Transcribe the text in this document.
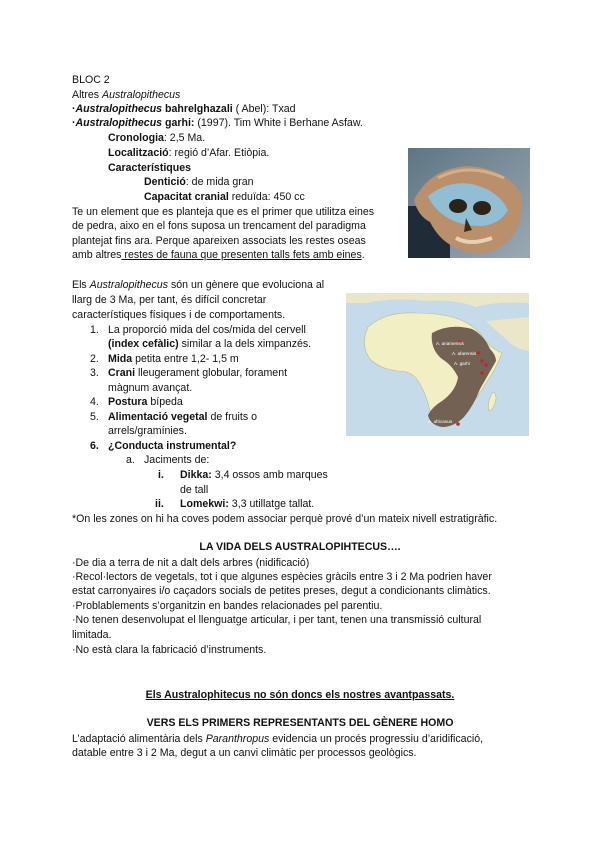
BLOC 2
Altres Australopithecus
·Australopithecus bahrelghazali ( Abel): Txad
·Australopithecus garhi: (1997). Tim White i Berhane Asfaw.
Cronologia: 2,5 Ma.
Localització: regió d’Afar. Etiòpia.
Característiques
Dentició: de mida gran
Capacitat cranial reduïda: 450 cc
Te un element que es planteja que es el primer que utilitza eines
de pedra, aixo en el fons suposa un trencament del paradigma
plantejat fins ara. Perque apareixen associats les restes oseas
amb altres restes de fauna que presenten talls fets amb eines.
Els Australopithecus són un gènere que evoluciona al
llarg de 3 Ma, per tant, és difícil concretar
característiques físiques i de comportaments.
A. anamensis
A. afarensis
A. garhi
A. africanus
1. La proporció mida del cos/mida del cervell
(index cefàlic) similar a la dels ximpanzés.
2. Mida petita entre 1,2- 1,5 m
3. Crani lleugerament globular, forament
màgnum avançat.
4. Postura bípeda
5. Alimentació vegetal de fruits o
arrels/gramínies.
6. ¿Conducta instrumental?
a. Jaciments de:
i. Dikka: 3,4 ossos amb marques
de tall
ii. Lomekwi: 3,3 utillatge tallat.
*On les zones on hi ha coves podem associar perquè prové d’un mateix nivell estratigràfic.
LA VIDA DELS AUSTRALOPIHTECUS….
·De dia a terra de nit a dalt dels arbres (nidificació)
·Recol·lectors de vegetals, tot i que algunes espècies gràcils entre 3 i 2 Ma podrien haver
estat carronyaires i/o caçadors socials de petites preses, degut a condicionants climàtics.
·Problablements s’organitzin en bandes relacionades pel parentiu.
·No tenen desenvolupat el llenguatge articular, i per tant, tenen una transmissió cultural
limitada.
·No està clara la fabricació d’instruments.
Els Australophitecus no són doncs els nostres avantpassats.
VERS ELS PRIMERS REPRESENTANTS DEL GÈNERE HOMO
L’adaptació alimentària dels Paranthropus evidencia un procés progressiu d’aridificació,
datable entre 3 i 2 Ma, degut a un canvi climàtic per processos geològics.
